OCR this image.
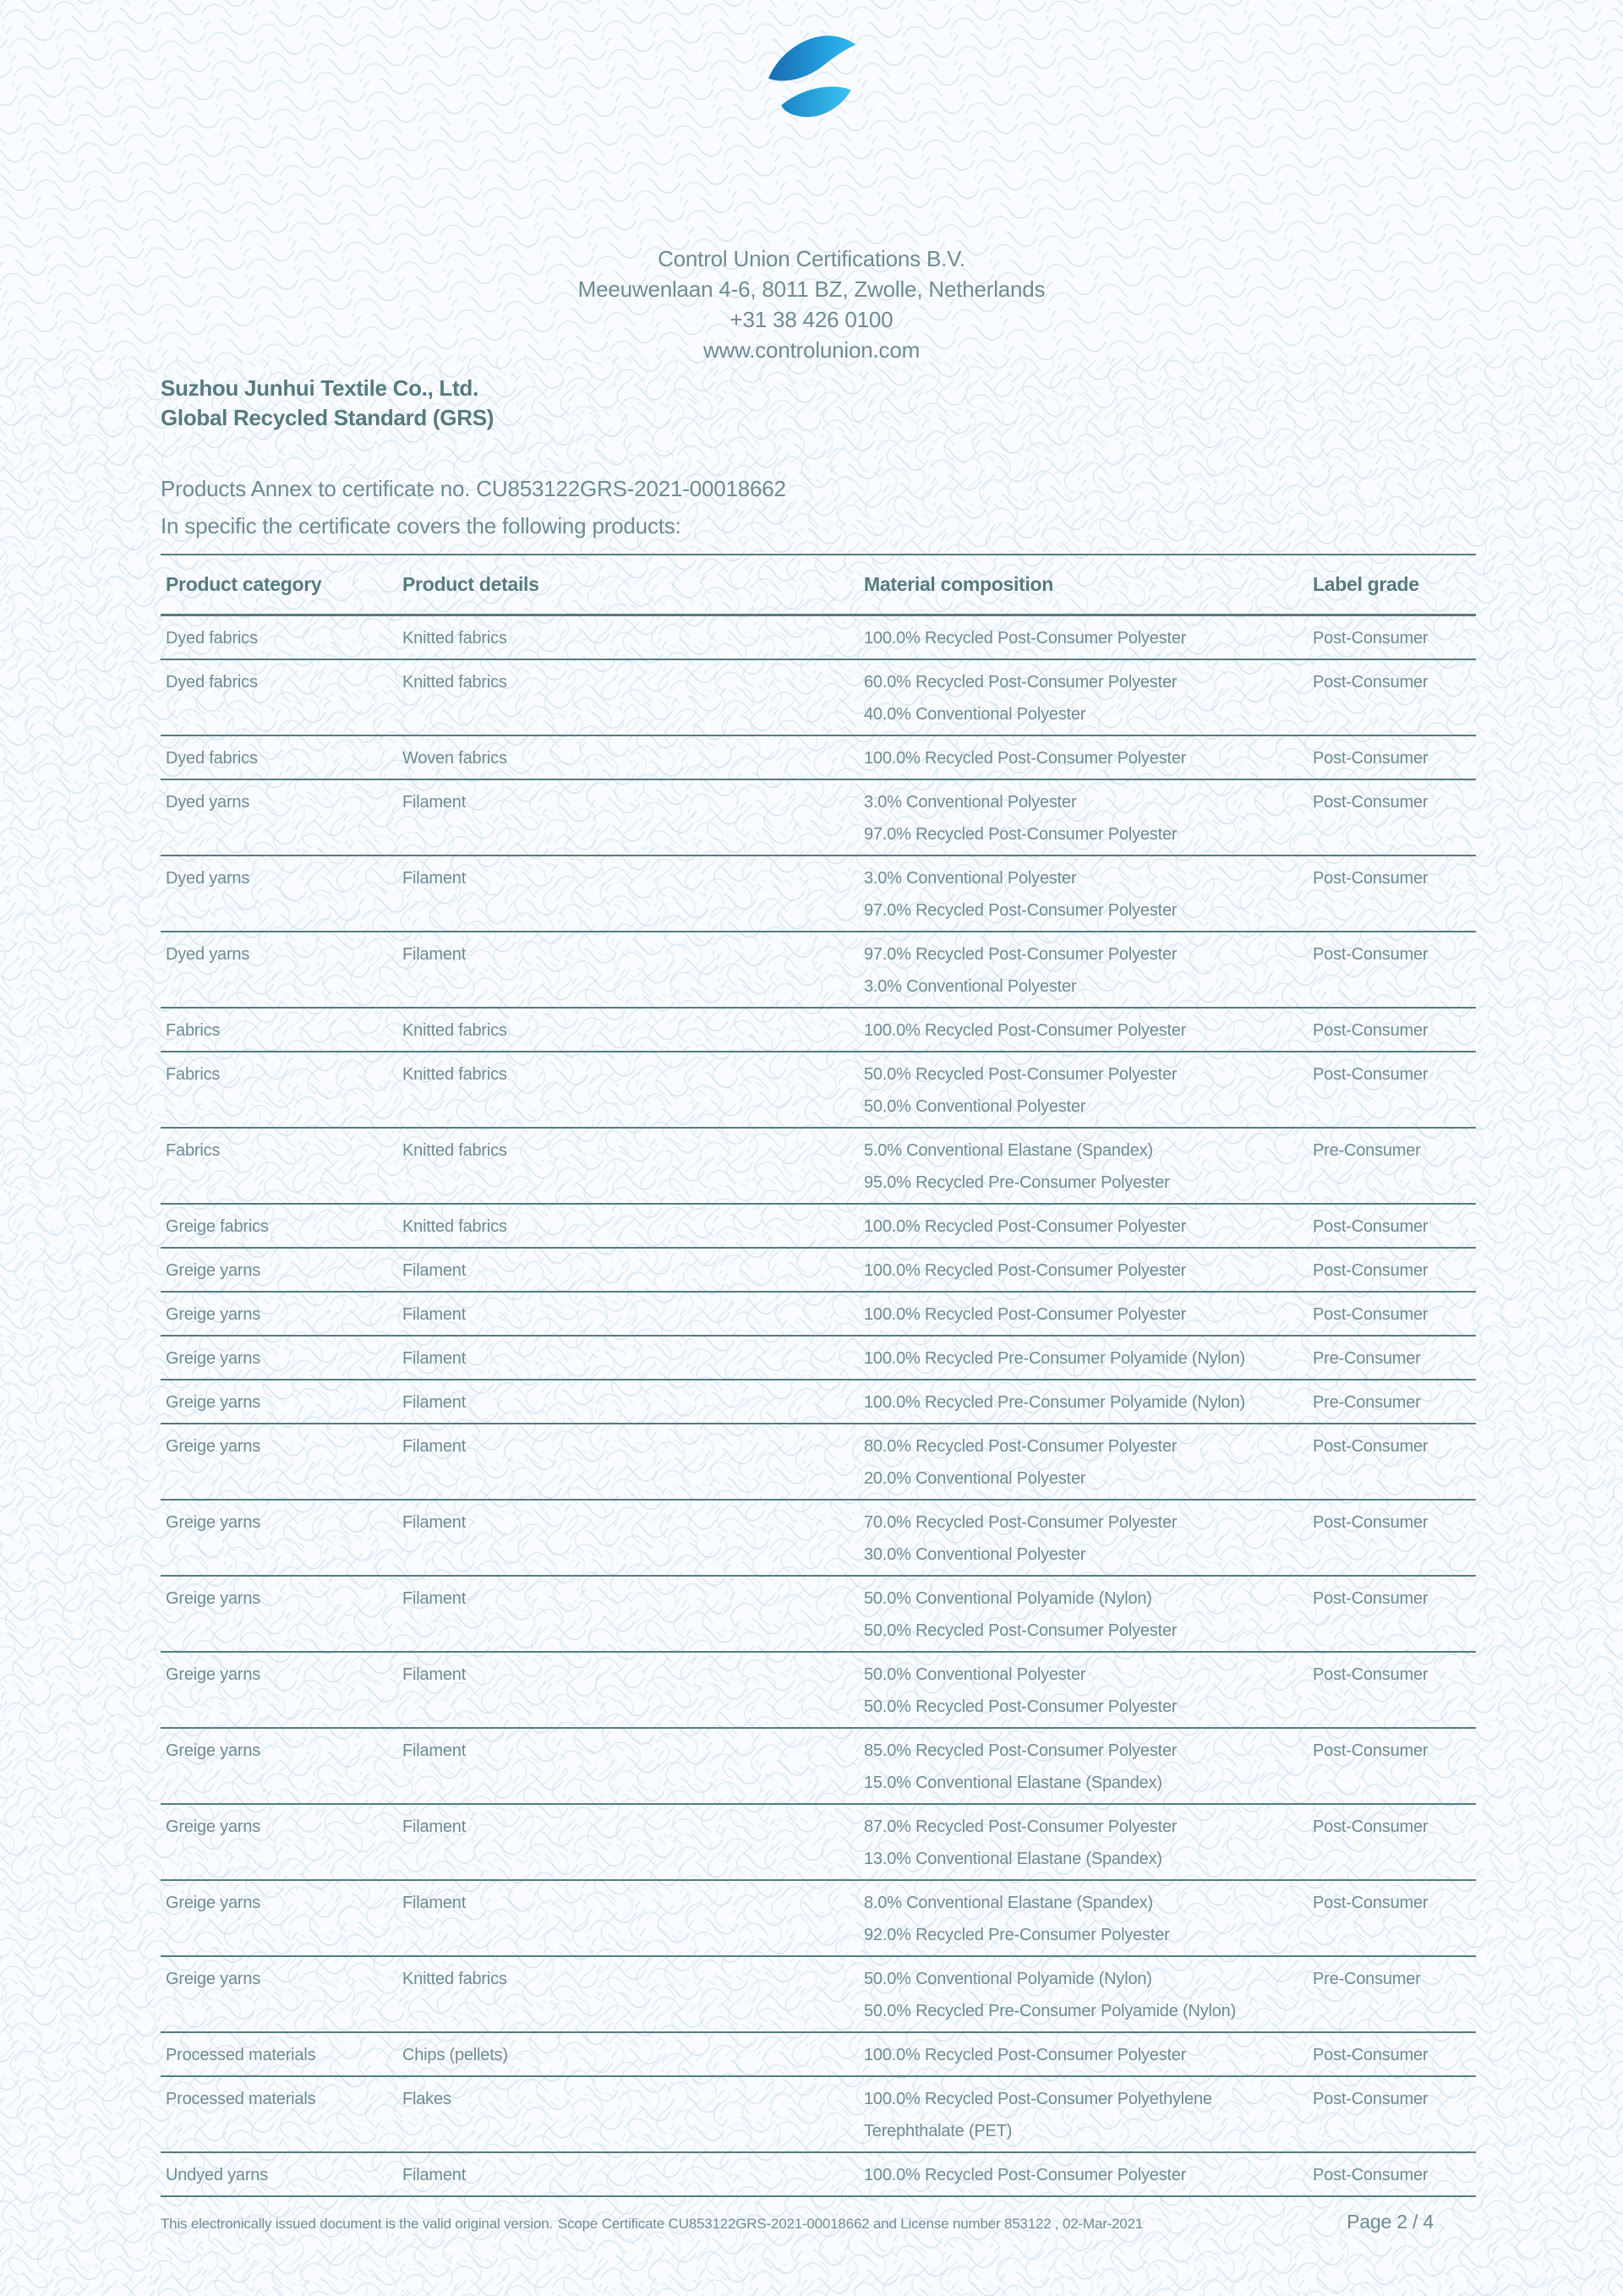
Control Union Certifications B.V.
Meeuwenlaan 4-6, 8011 BZ, Zwolle, Netherlands
+31 38 426 0100
www.controlunion.com
Suzhou Junhui Textile Co., Ltd.
Global Recycled Standard (GRS)
Products Annex to certificate no. CU853122GRS-2021-00018662
In specific the certificate covers the following products:
Product category	Product details	Material composition	Label grade
Dyed fabrics	Knitted fabrics	100.0% Recycled Post-Consumer Polyester	Post-Consumer
Dyed fabrics	Knitted fabrics	60.0% Recycled Post-Consumer Polyester
40.0% Conventional Polyester	Post-Consumer
Dyed fabrics	Woven fabrics	100.0% Recycled Post-Consumer Polyester	Post-Consumer
Dyed yarns	Filament	3.0% Conventional Polyester
97.0% Recycled Post-Consumer Polyester	Post-Consumer
Dyed yarns	Filament	3.0% Conventional Polyester
97.0% Recycled Post-Consumer Polyester	Post-Consumer
Dyed yarns	Filament	97.0% Recycled Post-Consumer Polyester
3.0% Conventional Polyester	Post-Consumer
Fabrics	Knitted fabrics	100.0% Recycled Post-Consumer Polyester	Post-Consumer
Fabrics	Knitted fabrics	50.0% Recycled Post-Consumer Polyester
50.0% Conventional Polyester	Post-Consumer
Fabrics	Knitted fabrics	5.0% Conventional Elastane (Spandex)
95.0% Recycled Pre-Consumer Polyester	Pre-Consumer
Greige fabrics	Knitted fabrics	100.0% Recycled Post-Consumer Polyester	Post-Consumer
Greige yarns	Filament	100.0% Recycled Post-Consumer Polyester	Post-Consumer
Greige yarns	Filament	100.0% Recycled Post-Consumer Polyester	Post-Consumer
Greige yarns	Filament	100.0% Recycled Pre-Consumer Polyamide (Nylon)	Pre-Consumer
Greige yarns	Filament	100.0% Recycled Pre-Consumer Polyamide (Nylon)	Pre-Consumer
Greige yarns	Filament	80.0% Recycled Post-Consumer Polyester
20.0% Conventional Polyester	Post-Consumer
Greige yarns	Filament	70.0% Recycled Post-Consumer Polyester
30.0% Conventional Polyester	Post-Consumer
Greige yarns	Filament	50.0% Conventional Polyamide (Nylon)
50.0% Recycled Post-Consumer Polyester	Post-Consumer
Greige yarns	Filament	50.0% Conventional Polyester
50.0% Recycled Post-Consumer Polyester	Post-Consumer
Greige yarns	Filament	85.0% Recycled Post-Consumer Polyester
15.0% Conventional Elastane (Spandex)	Post-Consumer
Greige yarns	Filament	87.0% Recycled Post-Consumer Polyester
13.0% Conventional Elastane (Spandex)	Post-Consumer
Greige yarns	Filament	8.0% Conventional Elastane (Spandex)
92.0% Recycled Pre-Consumer Polyester	Post-Consumer
Greige yarns	Knitted fabrics	50.0% Conventional Polyamide (Nylon)
50.0% Recycled Pre-Consumer Polyamide (Nylon)	Pre-Consumer
Processed materials	Chips (pellets)	100.0% Recycled Post-Consumer Polyester	Post-Consumer
Processed materials	Flakes	100.0% Recycled Post-Consumer Polyethylene
Terephthalate (PET)	Post-Consumer
Undyed yarns	Filament	100.0% Recycled Post-Consumer Polyester	Post-Consumer
This electronically issued document is the valid original version. Scope Certificate CU853122GRS-2021-00018662 and License number 853122 , 02-Mar-2021	Page 2 / 4
